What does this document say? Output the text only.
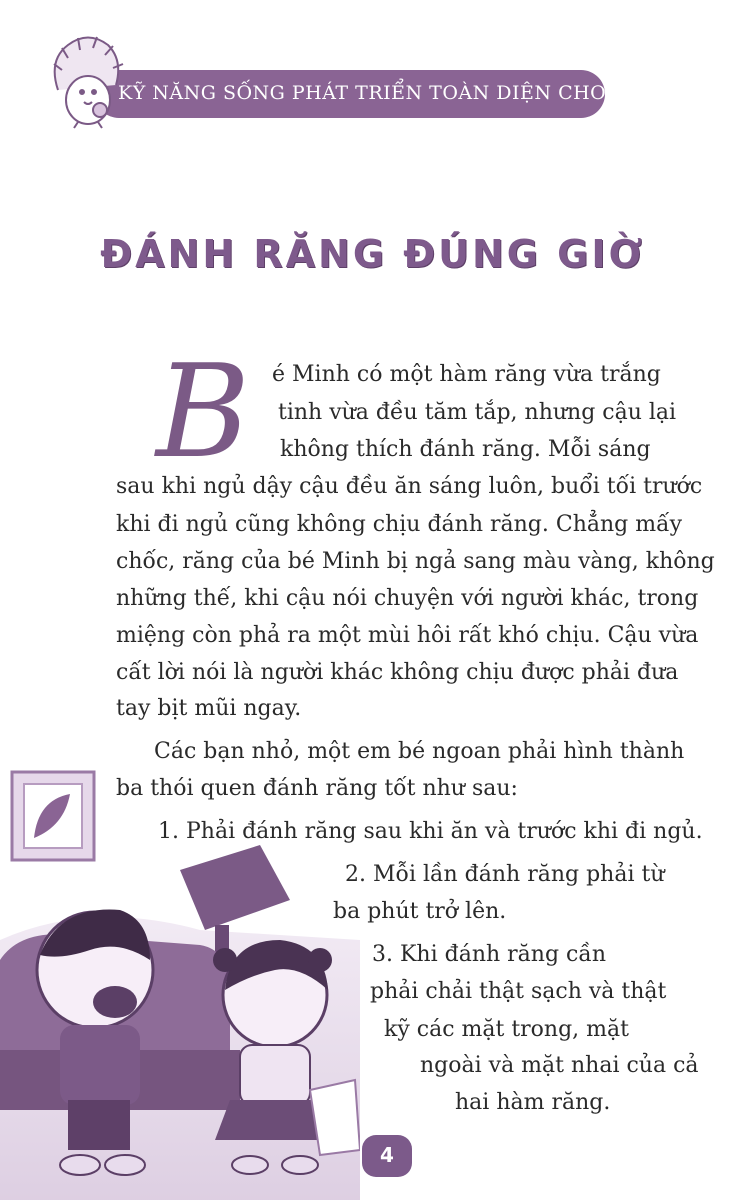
KỸ NĂNG SỐNG PHÁT TRIỂN TOÀN DIỆN CHO TRẺ
ĐÁNH RĂNG ĐÚNG GIỜ
B é Minh có một hàm răng vừa trắng
tinh vừa đều tăm tắp, nhưng cậu lại
không thích đánh răng. Mỗi sáng
sau khi ngủ dậy cậu đều ăn sáng luôn, buổi tối trước
khi đi ngủ cũng không chịu đánh răng. Chẳng mấy
chốc, răng của bé Minh bị ngả sang màu vàng, không
những thế, khi cậu nói chuyện với người khác, trong
miệng còn phả ra một mùi hôi rất khó chịu. Cậu vừa
cất lời nói là người khác không chịu được phải đưa
tay bịt mũi ngay.
Các bạn nhỏ, một em bé ngoan phải hình thành
ba thói quen đánh răng tốt như sau:
1. Phải đánh răng sau khi ăn và trước khi đi ngủ.
2. Mỗi lần đánh răng phải từ
ba phút trở lên.
3. Khi đánh răng cần
phải chải thật sạch và thật
kỹ các mặt trong, mặt
ngoài và mặt nhai của cả
hai hàm răng.
4
